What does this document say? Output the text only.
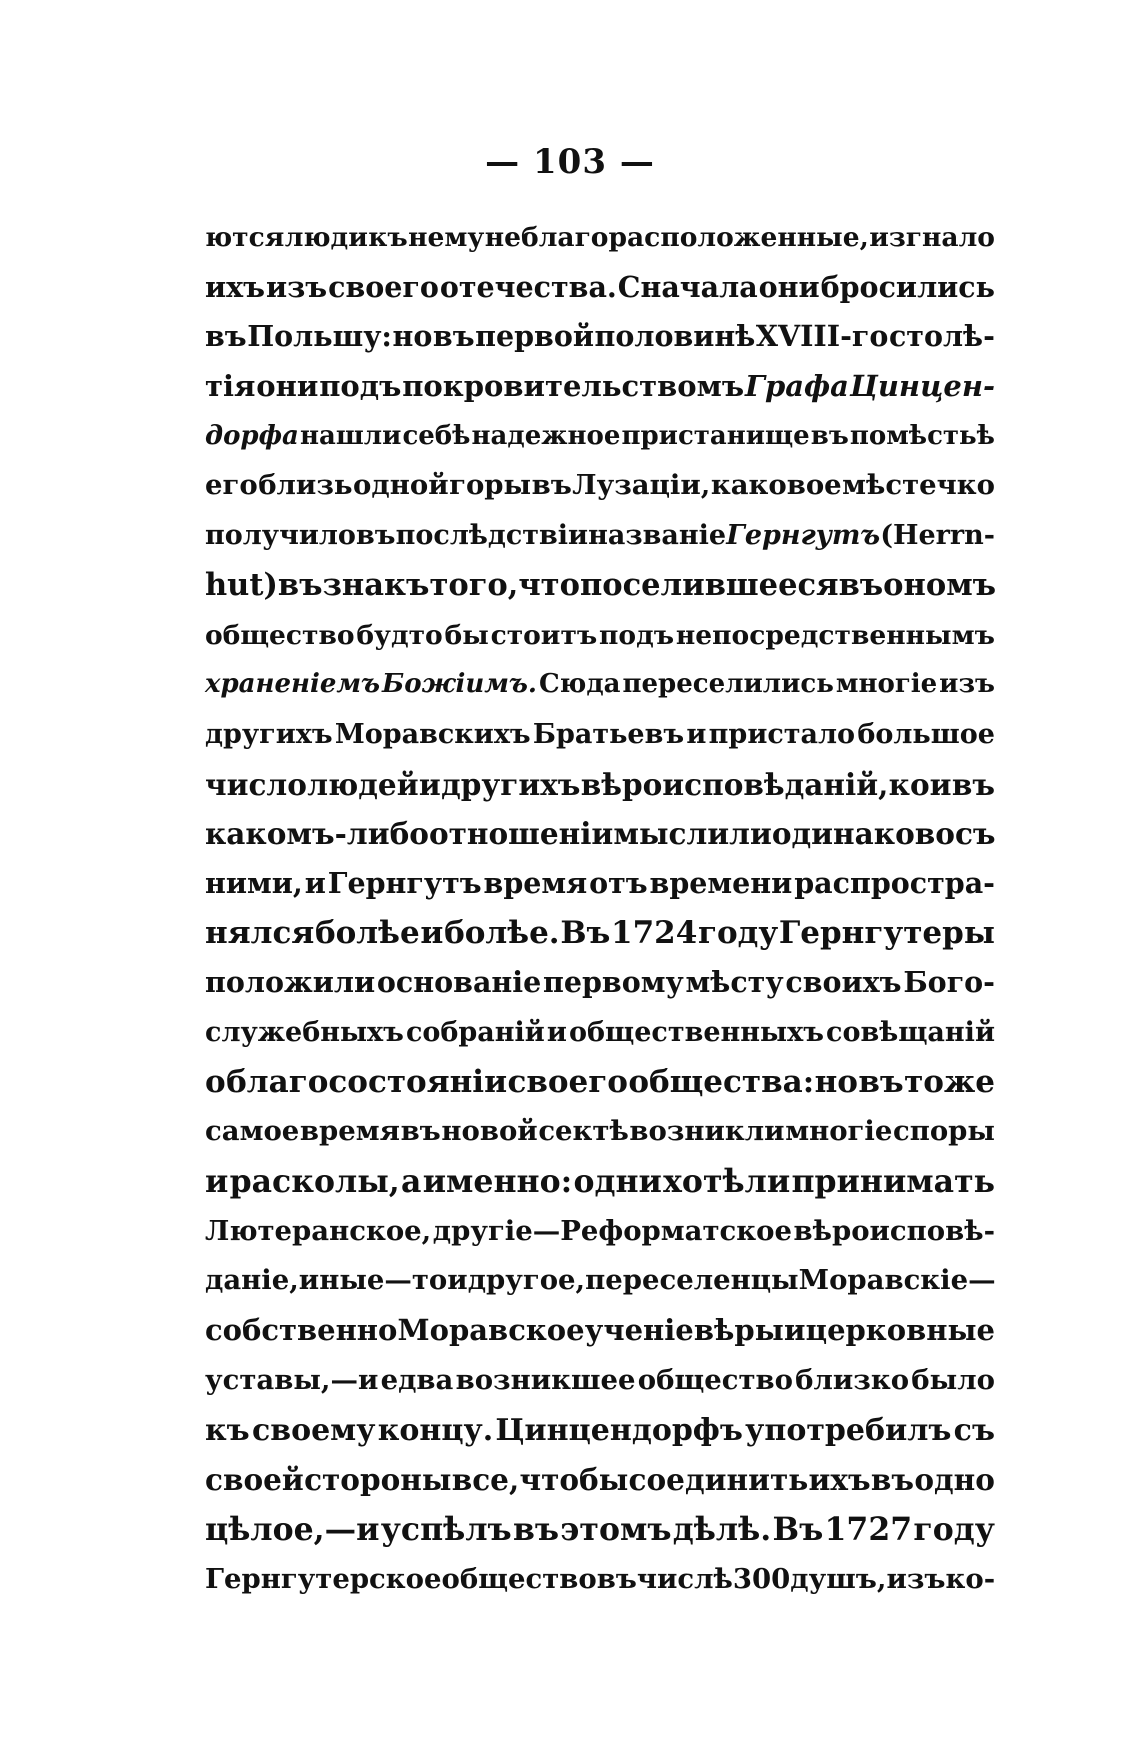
— 103 —
ются люди къ нему неблагорасположенные, изгнало
ихъ изъ своего отечества. Сначала они бросились
въ Польшу: но въ первой половинѣ XVIII-го столѣ-
тія они подъ покровительствомъ Графа Цинцен-
дорфа нашли себѣ надежное пристанище въ помѣстьѣ
его близь одной горы въ Лузаціи, каковое мѣстечко
получило въ послѣдствіи названіе Гернгутъ (Herrn-
hut) въ знакъ того, что поселившееся въономъ
общество будто бы стоитъ подъ непосредственнымъ
храненіемъ Божіимъ. Сюда переселились многіе изъ
другихъ Моравскихъ Братьевъ и пристало большое
число людей и другихъ вѣроисповѣданій, кои въ
какомъ-либо отношеніи мыслили одинаково съ
ними, и Гернгутъ время отъ времени распростра-
нялся болѣе и болѣе. Въ 1724 году Гернгутеры
положили основаніе первому мѣсту своихъ Бого-
служебныхъ собраній и общественныхъ совѣщаній
о благосостояніи своего общества: но въ тоже
самое время въ новой сектѣ возникли многіе споры
и расколы, а именно: одни хотѣли принимать
Лютеранское, другіе—Реформатское вѣроисповѣ-
даніе, иные—то и другое, переселенцы Моравскіе—
собственно Моравское ученіе вѣры и церковные
уставы,—и едва возникшее общество близко было
къ своему концу. Цинцендорфъ употребилъ съ
своей стороны все, чтобы соединить ихъ въ одно
цѣлое,—и успѣлъ въ этомъ дѣлѣ. Въ 1727 году
Гернгутерское общество въ числѣ 300 душъ, изъ ко-
